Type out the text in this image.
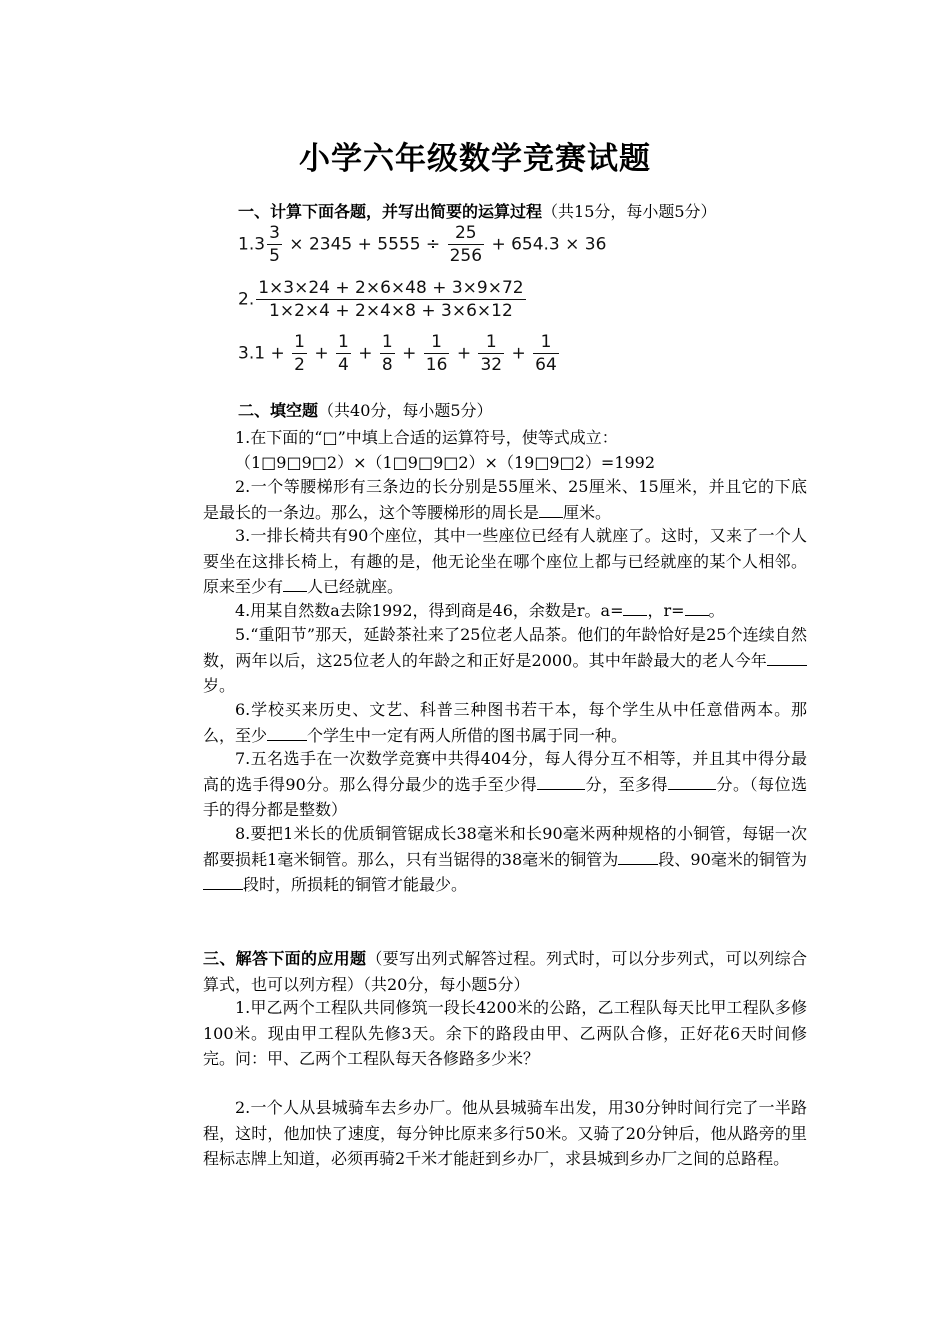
小学六年级数学竞赛试题
一、计算下面各题，并写出简要的运算过程（共15分，每小题5分）
$1.3 \frac{3}{5} \times 2345 + 5555 \div \frac{25}{256} + 654.3 \times 36$
2. $\frac{1\times 3\times 24 + 2\times 6\times 48 + 3\times 9\times 72}{1\times 2\times 4 + 2\times 4\times 8 + 3\times 6\times 12}$
$3.1 + \frac{1}{2} + \frac{1}{4} + \frac{1}{8} + \frac{1}{16} + \frac{1}{32} + \frac{1}{64}$
二、填空题（共40分，每小题5分）
1.在下面的“□”中填上合适的运算符号，使等式成立：
（1□9□9□2）×（1□9□9□2）×（19□9□2）=1992
2.一个等腰梯形有三条边的长分别是55厘米、25厘米、15厘米，并且它的下底是最长的一条边。那么，这个等腰梯形的周长是 厘米。
3.一排长椅共有90个座位，其中一些座位已经有人就座了。这时，又来了一个人要坐在这排长椅上，有趣的是，他无论坐在哪个座位上都与已经就座的某个人相邻。原来至少有 人已经就座。
4.用某自然数a去除1992，得到商是46，余数是r。a= ，r= 。
5.“重阳节”那天，延龄茶社来了25位老人品茶。他们的年龄恰好是25个连续自然数，两年以后，这25位老人的年龄之和正好是2000。其中年龄最大的老人今年岁。
6.学校买来历史、文艺、科普三种图书若干本，每个学生从中任意借两本。那么，至少	个学生中一定有两人所借的图书属于同一种。
7.五名选手在一次数学竞赛中共得404分，每人得分互不相等，并且其中得分最高的选手得90分。那么得分最少的选手至少得	分，至多得	分。（每位选手的得分都是整数）
8.要把1米长的优质铜管锯成长38毫米和长90毫米两种规格的小铜管，每锯一次都要损耗1毫米铜管。那么，只有当锯得的38毫米的铜管为	段、90毫米的铜管为段时，所损耗的铜管才能最少。
三、解答下面的应用题（要写出列式解答过程。列式时，可以分步列式，可以列综合算式，也可以列方程）（共20分，每小题5分）
1.甲乙两个工程队共同修筑一段长4200米的公路，乙工程队每天比甲工程队多修100米。现由甲工程队先修3天。余下的路段由甲、乙两队合修，正好花6天时间修完。问：甲、乙两个工程队每天各修路多少米？
2.一个人从县城骑车去乡办厂。他从县城骑车出发，用30分钟时间行完了一半路程，这时，他加快了速度，每分钟比原来多行50米。又骑了20分钟后，他从路旁的里程标志牌上知道，必须再骑2千米才能赶到乡办厂，求县城到乡办厂之间的总路程。
